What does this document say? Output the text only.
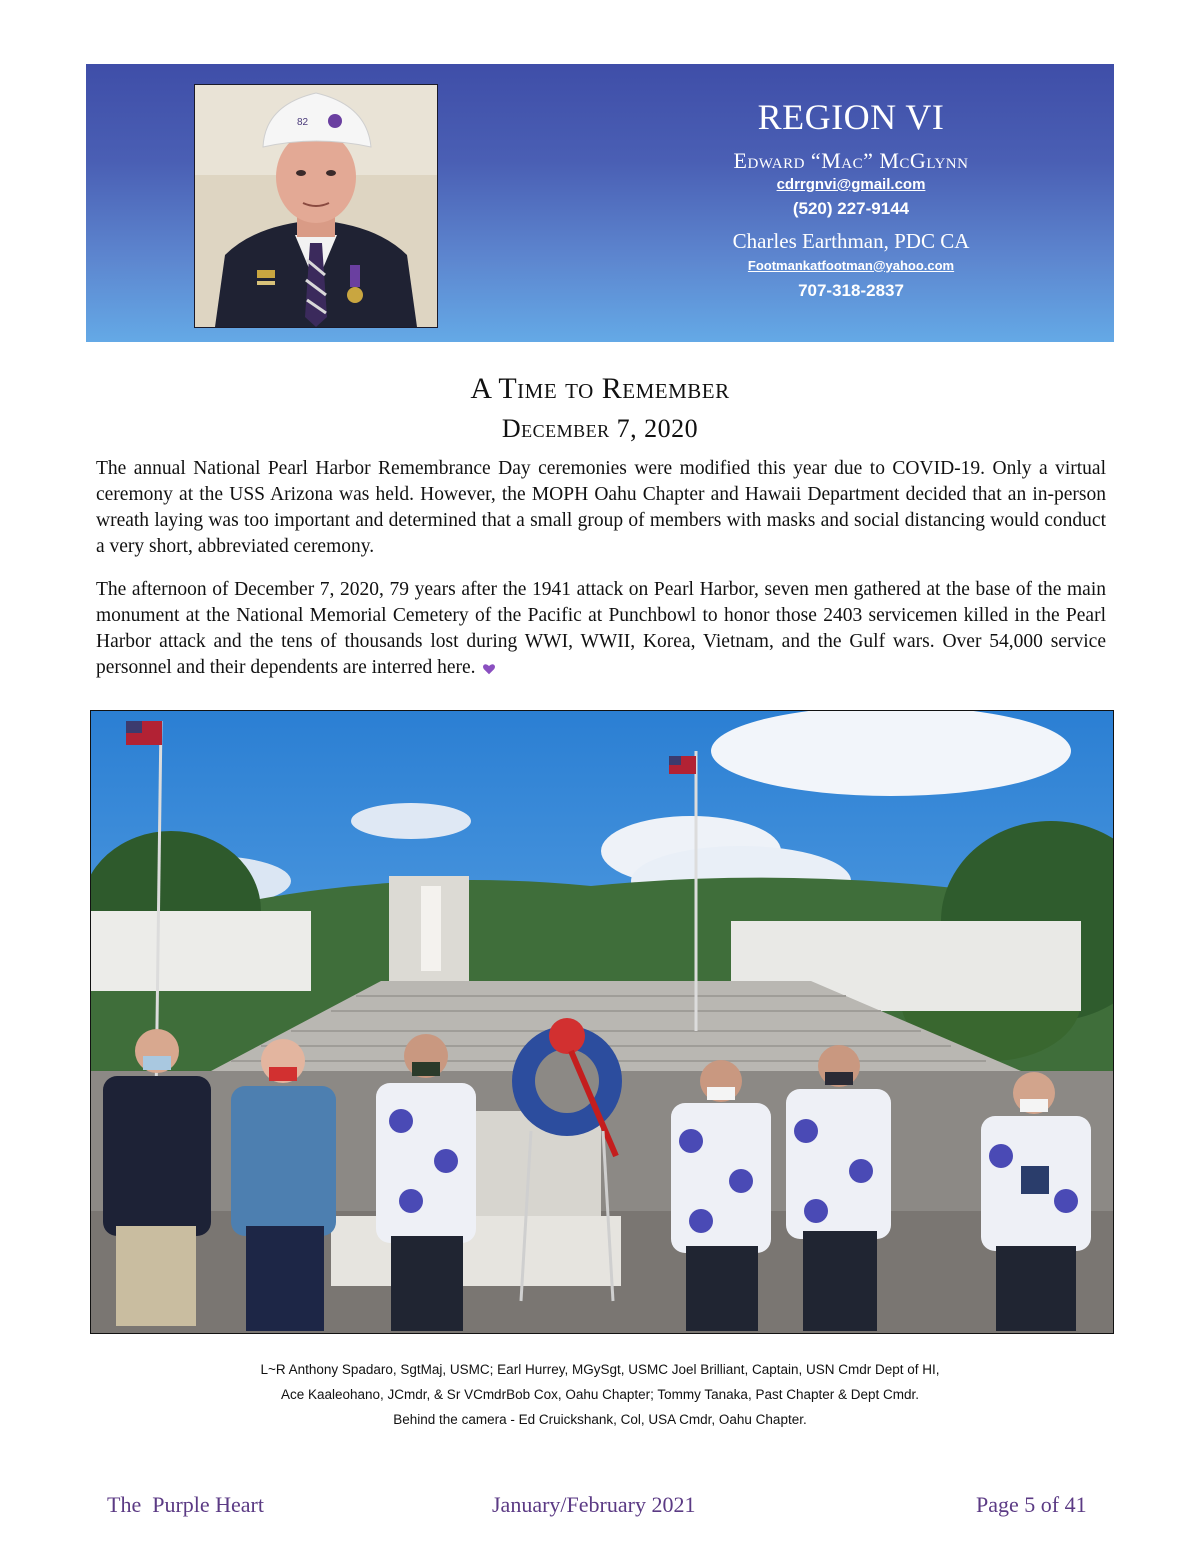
82	REGION VI
Edward “Mac” McGlynn
cdrrgnvi@gmail.com
(520) 227-9144
Charles Earthman, PDC CA
Footmankatfootman@yahoo.com
707-318-2837
A Time to Remember
December 7, 2020
The annual National Pearl Harbor Remembrance Day ceremonies were modified this year due to COVID-19. Only a virtual ceremony at the USS Arizona was held. However, the MOPH Oahu Chapter and Hawaii Department decided that an in-person wreath laying was too important and determined that a small group of members with masks and social distancing would conduct a very short, abbreviated ceremony.
The afternoon of December 7, 2020, 79 years after the 1941 attack on Pearl Harbor, seven men gathered at the base of the main monument at the National Memorial Cemetery of the Pacific at Punchbowl to honor those 2403 servicemen killed in the Pearl Harbor attack and the tens of thousands lost during WWI, WWII, Korea, Vietnam, and the Gulf wars. Over 54,000 service personnel and their dependents are interred here.
L~R Anthony Spadaro, SgtMaj, USMC; Earl Hurrey, MGySgt, USMC Joel Brilliant, Captain, USN Cmdr Dept of HI,
Ace Kaaleohano, JCmdr, & Sr VCmdrBob Cox, Oahu Chapter; Tommy Tanaka, Past Chapter & Dept Cmdr.
Behind the camera - Ed Cruickshank, Col, USA Cmdr, Oahu Chapter.
The  Purple Heart	January/February 2021	Page 5 of 41
